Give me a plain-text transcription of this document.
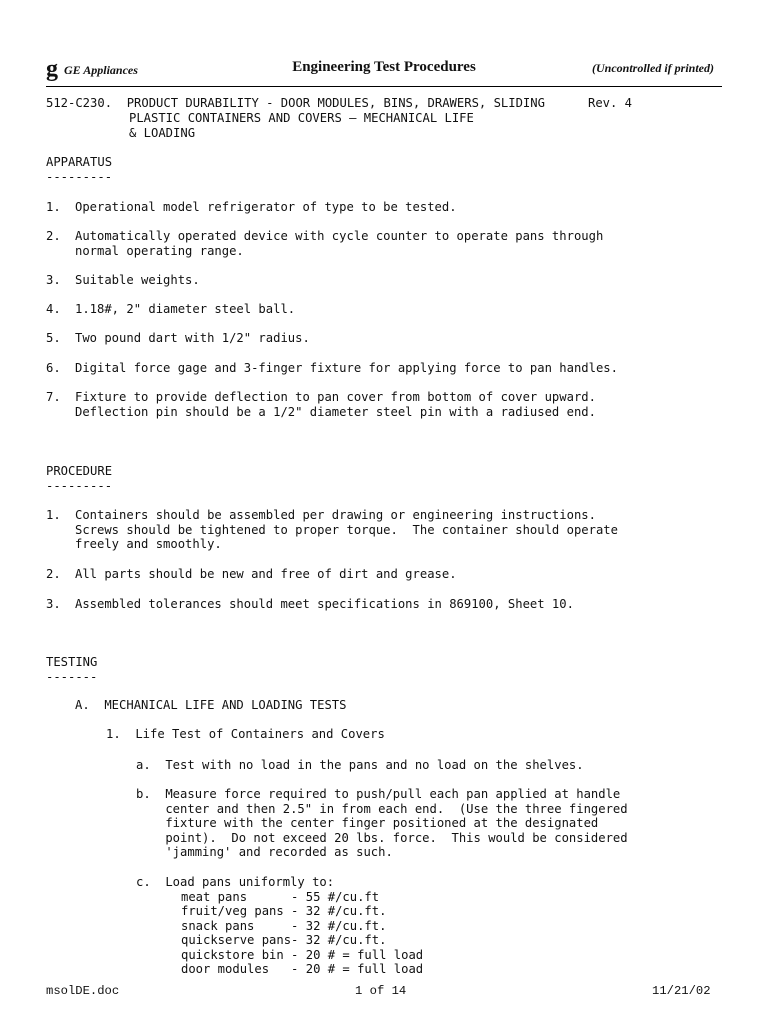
g GE Appliances	Engineering Test Procedures	(Uncontrolled if printed)
512-C230.  PRODUCT DURABILITY - DOOR MODULES, BINS, DRAWERS, SLIDING	Rev. 4
PLASTIC CONTAINERS AND COVERS – MECHANICAL LIFE
& LOADING
APPARATUS
---------
1. Operational model refrigerator of type to be tested.
2. Automatically operated device with cycle counter to operate pans through
normal operating range.
3. Suitable weights.
4. 1.18#, 2" diameter steel ball.
5. Two pound dart with 1/2" radius.
6. Digital force gage and 3-finger fixture for applying force to pan handles.
7. Fixture to provide deflection to pan cover from bottom of cover upward.
Deflection pin should be a 1/2" diameter steel pin with a radiused end.
PROCEDURE
---------
1. Containers should be assembled per drawing or engineering instructions.
Screws should be tightened to proper torque.  The container should operate
freely and smoothly.
2. All parts should be new and free of dirt and grease.
3. Assembled tolerances should meet specifications in 869100, Sheet 10.
TESTING
-------
A.  MECHANICAL LIFE AND LOADING TESTS
1.  Life Test of Containers and Covers
a.  Test with no load in the pans and no load on the shelves.
b.  Measure force required to push/pull each pan applied at handle
center and then 2.5" in from each end.  (Use the three fingered
fixture with the center finger positioned at the designated
point).  Do not exceed 20 lbs. force.  This would be considered
'jamming' and recorded as such.
c.  Load pans uniformly to:
meat pans      - 55 #/cu.ft
fruit/veg pans - 32 #/cu.ft.
snack pans     - 32 #/cu.ft.
quickserve pans- 32 #/cu.ft.
quickstore bin - 20 # = full load
door modules   - 20 # = full load
msolDE.doc	1 of 14	11/21/02
